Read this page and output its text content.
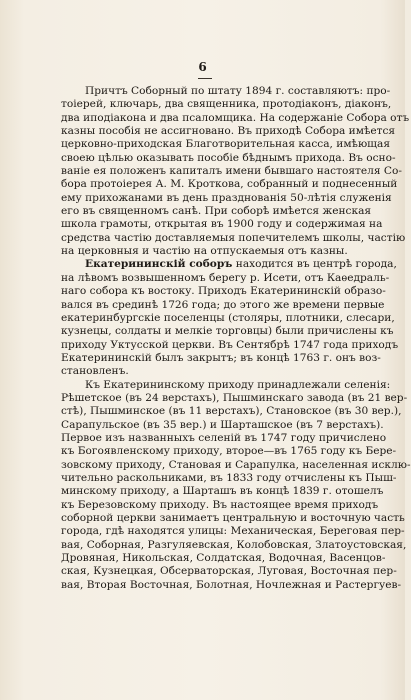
6
Причтъ Соборный по штату 1894 г. составляютъ: про-
тоіерей, ключарь, два священника, протодіаконъ, діаконъ,
два иподіакона и два псаломщика. На содержаніе Собора отъ
казны пособія не ассигновано. Въ приходѣ Собора имѣется
церковно-приходская Благотворительная касса, имѣющая
своею цѣлью оказывать пособіе бѣднымъ прихода. Въ осно-
ваніе ея положенъ капиталъ имени бывшаго настоятеля Со-
бора протоіерея А. М. Кроткова, собранный и поднесенный
ему прихожанами въ день празднованія 50-лѣтія служенія
его въ священномъ санѣ. При соборѣ имѣется женская
школа грамоты, открытая въ 1900 году и содержимая на
средства частію доставляемыя попечителемъ школы, частію
на церковныя и частію на отпускаемыя отъ казны.
Екатерининскій соборъ находится въ центрѣ города,
на лѣвомъ возвышенномъ берегу р. Исети, отъ Каѳедраль-
наго собора къ востоку. Приходъ Екатерининскій образо-
вался въ срединѣ 1726 года; до этого же времени первые
екатеринбургскіе поселенцы (столяры, плотники, слесари,
кузнецы, солдаты и мелкіе торговцы) были причислены къ
приходу Уктусской церкви. Въ Сентябрѣ 1747 года приходъ
Екатерининскій былъ закрытъ; въ концѣ 1763 г. онъ воз-
становленъ.
Къ Екатерининскому приходу принадлежали селенія:
Рѣшетское (въ 24 верстахъ), Пышминскаго завода (въ 21 вер-
стѣ), Пышминское (въ 11 верстахъ), Становское (въ 30 вер.),
Сарапульское (въ 35 вер.) и Шарташское (въ 7 верстахъ).
Первое изъ названныхъ селеній въ 1747 году причислено
къ Богоявленскому приходу, второе—въ 1765 году къ Бере-
зовскому приходу, Становая и Сарапулка, населенная исклю-
чительно раскольниками, въ 1833 году отчислены къ Пыш-
минскому приходу, а Шарташъ въ концѣ 1839 г. отошелъ
къ Березовскому приходу. Въ настоящее время приходъ
соборной церкви занимаетъ центральную и восточную часть
города, гдѣ находятся улицы: Механическая, Береговая пер-
вая, Соборная, Разгуляевская, Колобовская, Златоустовская,
Дровяная, Никольская, Солдатская, Водочная, Васенцов-
ская, Кузнецкая, Обсерваторская, Луговая, Восточная пер-
вая, Вторая Восточная, Болотная, Ночлежная и Растергуев-
